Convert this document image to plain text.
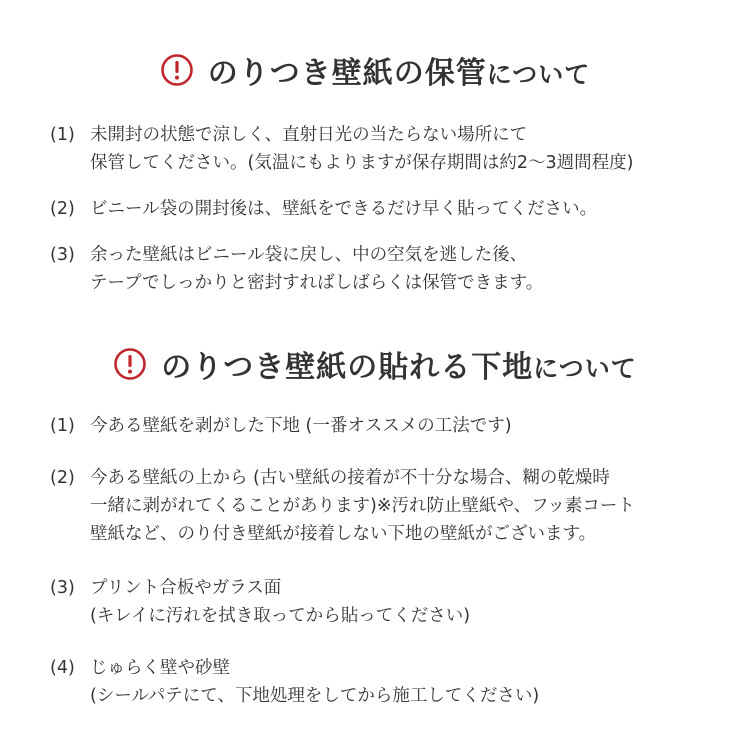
のりつき壁紙の保管について
(1) 未開封の状態で涼しく、直射日光の当たらない場所にて
保管してください。(気温にもよりますが保存期間は約2〜3週間程度)
(2) ビニール袋の開封後は、壁紙をできるだけ早く貼ってください。
(3) 余った壁紙はビニール袋に戻し、中の空気を逃した後、
テープでしっかりと密封すればしばらくは保管できます。
のりつき壁紙の貼れる下地について
(1) 今ある壁紙を剥がした下地 (一番オススメの工法です)
(2) 今ある壁紙の上から (古い壁紙の接着が不十分な場合、糊の乾燥時
一緒に剥がれてくることがあります)※汚れ防止壁紙や、フッ素コート
壁紙など、のり付き壁紙が接着しない下地の壁紙がございます。
(3) プリント合板やガラス面
(キレイに汚れを拭き取ってから貼ってください)
(4) じゅらく壁や砂壁
(シールパテにて、下地処理をしてから施工してください)
